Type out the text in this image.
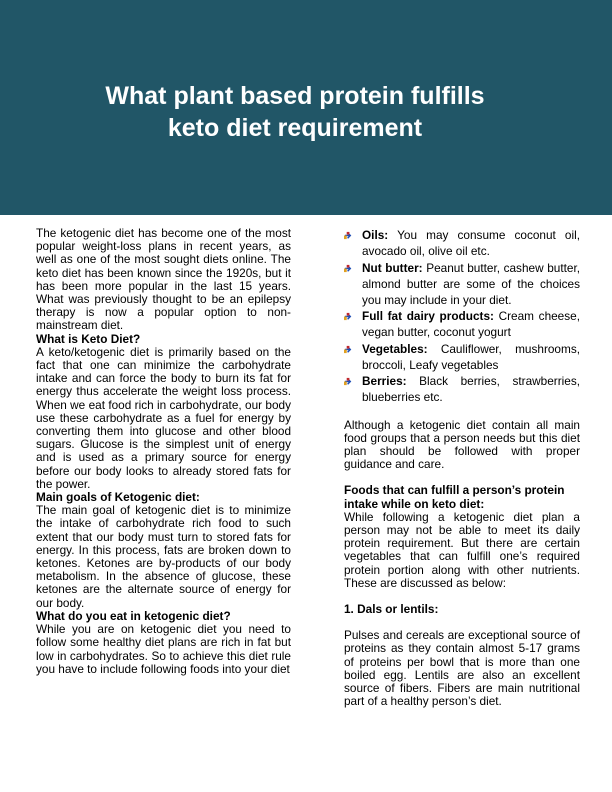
What plant based protein fulfills
keto diet requirement

The ketogenic diet has become one of the most popular weight-loss plans in recent years, as well as one of the most sought diets online. The keto diet has been known since the 1920s, but it has been more popular in the last 15 years. What was previously thought to be an epilepsy therapy is now a popular option to non-mainstream diet.

What is Keto Diet?

A keto/ketogenic diet is primarily based on the fact that one can minimize the carbohydrate intake and can force the body to burn its fat for energy thus accelerate the weight loss process. When we eat food rich in carbohydrate, our body use these carbohydrate as a fuel for energy by converting them into glucose and other blood sugars. Glucose is the simplest unit of energy and is used as a primary source for energy before our body looks to already stored fats for the power.

Main goals of Ketogenic diet:

The main goal of ketogenic diet is to minimize the intake of carbohydrate rich food to such extent that our body must turn to stored fats for energy. In this process, fats are broken down to ketones. Ketones are by-products of our body metabolism. In the absence of glucose, these ketones are the alternate source of energy for our body.

What do you eat in ketogenic diet?

While you are on ketogenic diet you need to follow some healthy diet plans are rich in fat but low in carbohydrates. So to achieve this diet rule you have to include following foods into your diet

Oils: You may consume coconut oil, avocado oil, olive oil etc.
Nut butter: Peanut butter, cashew butter, almond butter are some of the choices you may include in your diet.
Full fat dairy products: Cream cheese, vegan butter, coconut yogurt
Vegetables: Cauliflower, mushrooms, broccoli, Leafy vegetables
Berries: Black berries, strawberries, blueberries etc.

Although a ketogenic diet contain all main food groups that a person needs but this diet plan should be followed with proper guidance and care.

Foods that can fulfill a person’s protein intake while on keto diet:

While following a ketogenic diet plan a person may not be able to meet its daily protein requirement. But there are certain vegetables that can fulfill one’s required protein portion along with other nutrients. These are discussed as below:

1. Dals or lentils:

Pulses and cereals are exceptional source of proteins as they contain almost 5-17 grams of proteins per bowl that is more than one boiled egg. Lentils are also an excellent source of fibers. Fibers are main nutritional part of a healthy person’s diet.
